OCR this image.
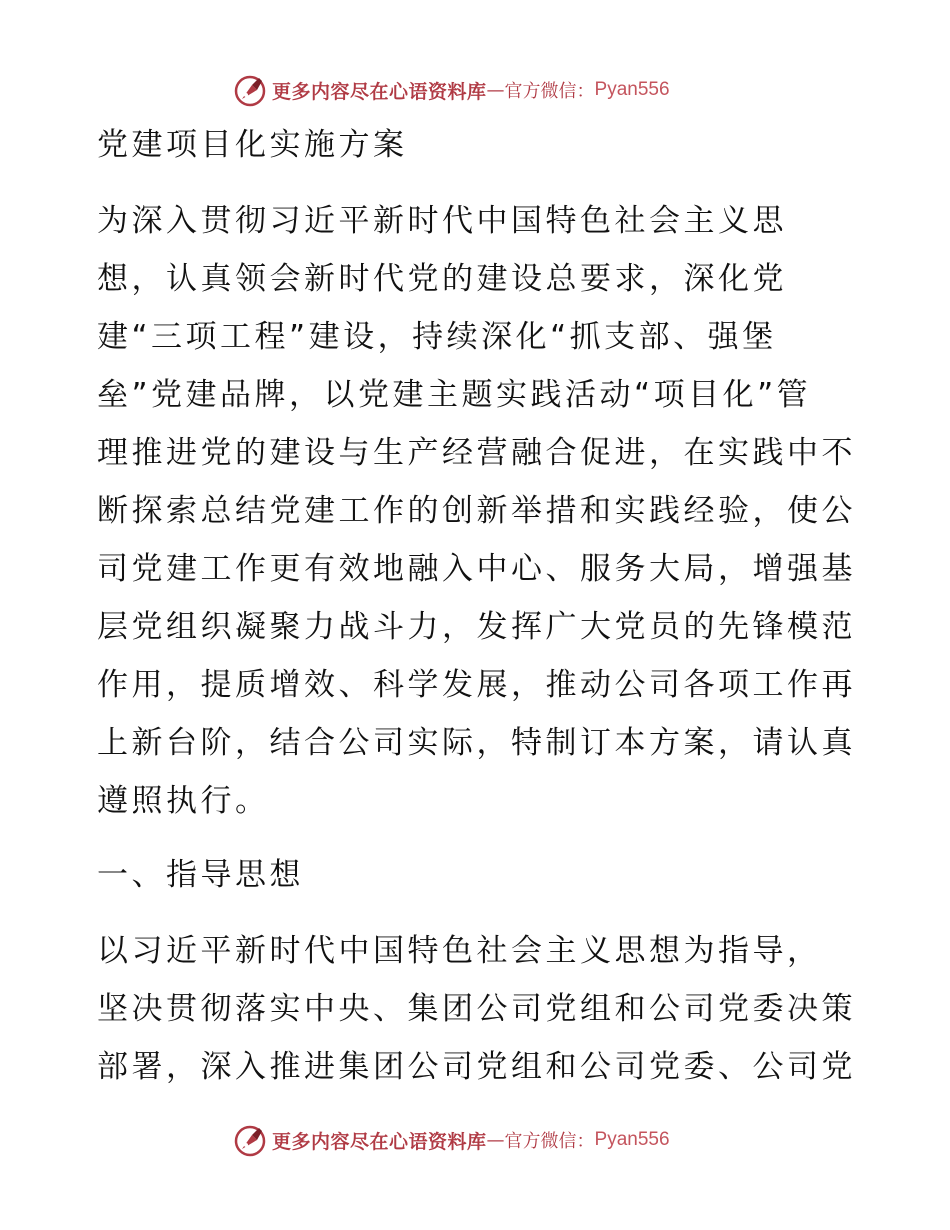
更多内容尽在心语资料库 — 官方微信： Pyan556

党建项目化实施方案

为深入贯彻习近平新时代中国特色社会主义思

想，认真领会新时代党的建设总要求，深化党

建“三项工程”建设，持续深化“抓支部、强堡

垒”党建品牌，以党建主题实践活动“项目化”管

理推进党的建设与生产经营融合促进，在实践中不

断探索总结党建工作的创新举措和实践经验，使公

司党建工作更有效地融入中心、服务大局，增强基

层党组织凝聚力战斗力，发挥广大党员的先锋模范

作用，提质增效、科学发展，推动公司各项工作再

上新台阶，结合公司实际，特制订本方案，请认真

遵照执行。

一、指导思想

以习近平新时代中国特色社会主义思想为指导，

坚决贯彻落实中央、集团公司党组和公司党委决策

部署，深入推进集团公司党组和公司党委、公司党

更多内容尽在心语资料库 — 官方微信： Pyan556
